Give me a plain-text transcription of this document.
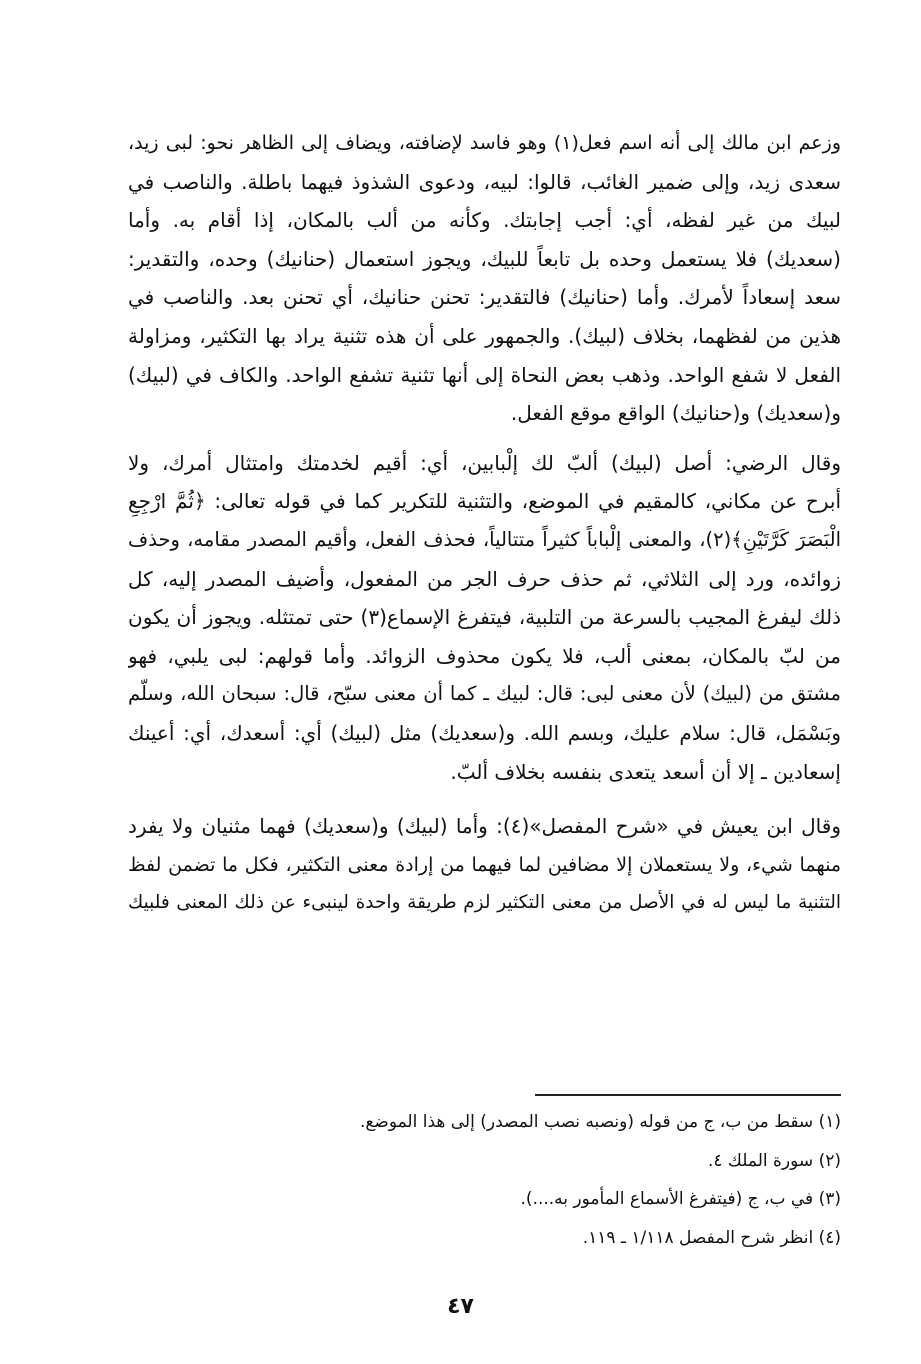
وزعم ابن مالك إلى أنه اسم فعل(١) وهو فاسد لإضافته، ويضاف إلى الظاهر نحو: لبى زيد،
سعدى زيد، وإلى ضمير الغائب، قالوا: لبيه، ودعوى الشذوذ فيهما باطلة. والناصب في
لبيك من غير لفظه، أي: أجب إجابتك. وكأنه من ألب بالمكان، إذا أقام به. وأما
(سعديك) فلا يستعمل وحده بل تابعاً للبيك، ويجوز استعمال (حنانيك) وحده، والتقدير:
سعد إسعاداً لأمرك. وأما (حنانيك) فالتقدير: تحنن حنانيك، أي تحنن بعد. والناصب في
هذين من لفظهما، بخلاف (لبيك). والجمهور على أن هذه تثنية يراد بها التكثير، ومزاولة
الفعل لا شفع الواحد. وذهب بعض النحاة إلى أنها تثنية تشفع الواحد. والكاف في (لبيك)
و(سعديك) و(حنانيك) الواقع موقع الفعل.

وقال الرضي: أصل (لبيك) ألبّ لك إلْبابين، أي: أقيم لخدمتك وامتثال أمرك، ولا
أبرح عن مكاني، كالمقيم في الموضع، والتثنية للتكرير كما في قوله تعالى: ﴿ثُمَّ ارْجِعِ
الْبَصَرَ كَرَّتَيْنِ﴾(٢)، والمعنى إلْباباً كثيراً متتالياً، فحذف الفعل، وأقيم المصدر مقامه، وحذف
زوائده، ورد إلى الثلاثي، ثم حذف حرف الجر من المفعول، وأضيف المصدر إليه، كل
ذلك ليفرغ المجيب بالسرعة من التلبية، فيتفرغ الإسماع(٣) حتى تمتثله. ويجوز أن يكون
من لبّ بالمكان، بمعنى ألب، فلا يكون محذوف الزوائد. وأما قولهم: لبى يلبي، فهو
مشتق من (لبيك) لأن معنى لبى: قال: لبيك ـ كما أن معنى سبّح، قال: سبحان الله، وسلّم
وبَسْمَل، قال: سلام عليك، وبسم الله. و(سعديك) مثل (لبيك) أي: أسعدك، أي: أعينك
إسعادين ـ إلا أن أسعد يتعدى بنفسه بخلاف ألبّ.

وقال ابن يعيش في «شرح المفصل»(٤): وأما (لبيك) و(سعديك) فهما مثنيان ولا يفرد
منهما شيء، ولا يستعملان إلا مضافين لما فيهما من إرادة معنى التكثير، فكل ما تضمن لفظ
التثنية ما ليس له في الأصل من معنى التكثير لزم طريقة واحدة لينبىء عن ذلك المعنى فلبيك

(١) سقط من ب، ج من قوله (ونصبه نصب المصدر) إلى هذا الموضع.

(٢) سورة الملك ٤.

(٣) في ب، ج (فيتفرغ الأسماع المأمور به....).

(٤) انظر شرح المفصل ١/١١٨ ـ ١١٩.

٤٧
